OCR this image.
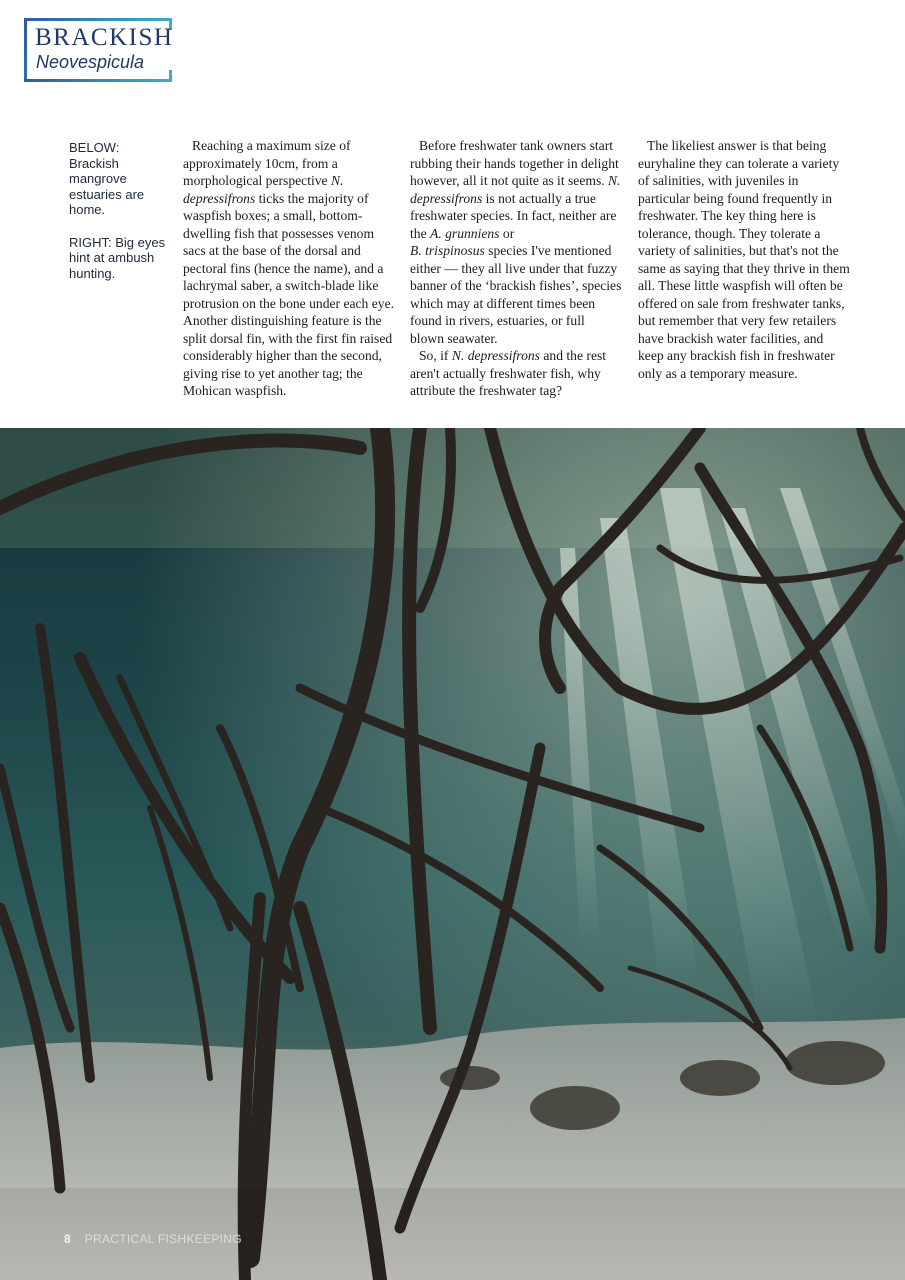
BRACKISH
Neovespicula

BELOW: Brackish mangrove estuaries are home.

RIGHT: Big eyes hint at ambush hunting.

Reaching a maximum size of approximately 10cm, from a morphological perspective N. depressifrons ticks the majority of waspfish boxes; a small, bottom-dwelling fish that possesses venom sacs at the base of the dorsal and pectoral fins (hence the name), and a lachrymal saber, a switch-blade like protrusion on the bone under each eye. Another distinguishing feature is the split dorsal fin, with the first fin raised considerably higher than the second, giving rise to yet another tag; the Mohican waspfish.

Before freshwater tank owners start rubbing their hands together in delight however, all it not quite as it seems. N. depressifrons is not actually a true freshwater species. In fact, neither are the A. grunniens or
B. trispinosus species I've mentioned either — they all live under that fuzzy banner of the ‘brackish fishes’, species which may at different times been found in rivers, estuaries, or full blown seawater.

So, if N. depressifrons and the rest aren't actually freshwater fish, why attribute the freshwater tag?

The likeliest answer is that being euryhaline they can tolerate a variety of salinities, with juveniles in particular being found frequently in freshwater. The key thing here is tolerance, though. They tolerate a variety of salinities, but that's not the same as saying that they thrive in them all. These little waspfish will often be offered on sale from freshwater tanks, but remember that very few retailers have brackish water facilities, and keep any brackish fish in freshwater only as a temporary measure.

8 PRACTICAL FISHKEEPING
